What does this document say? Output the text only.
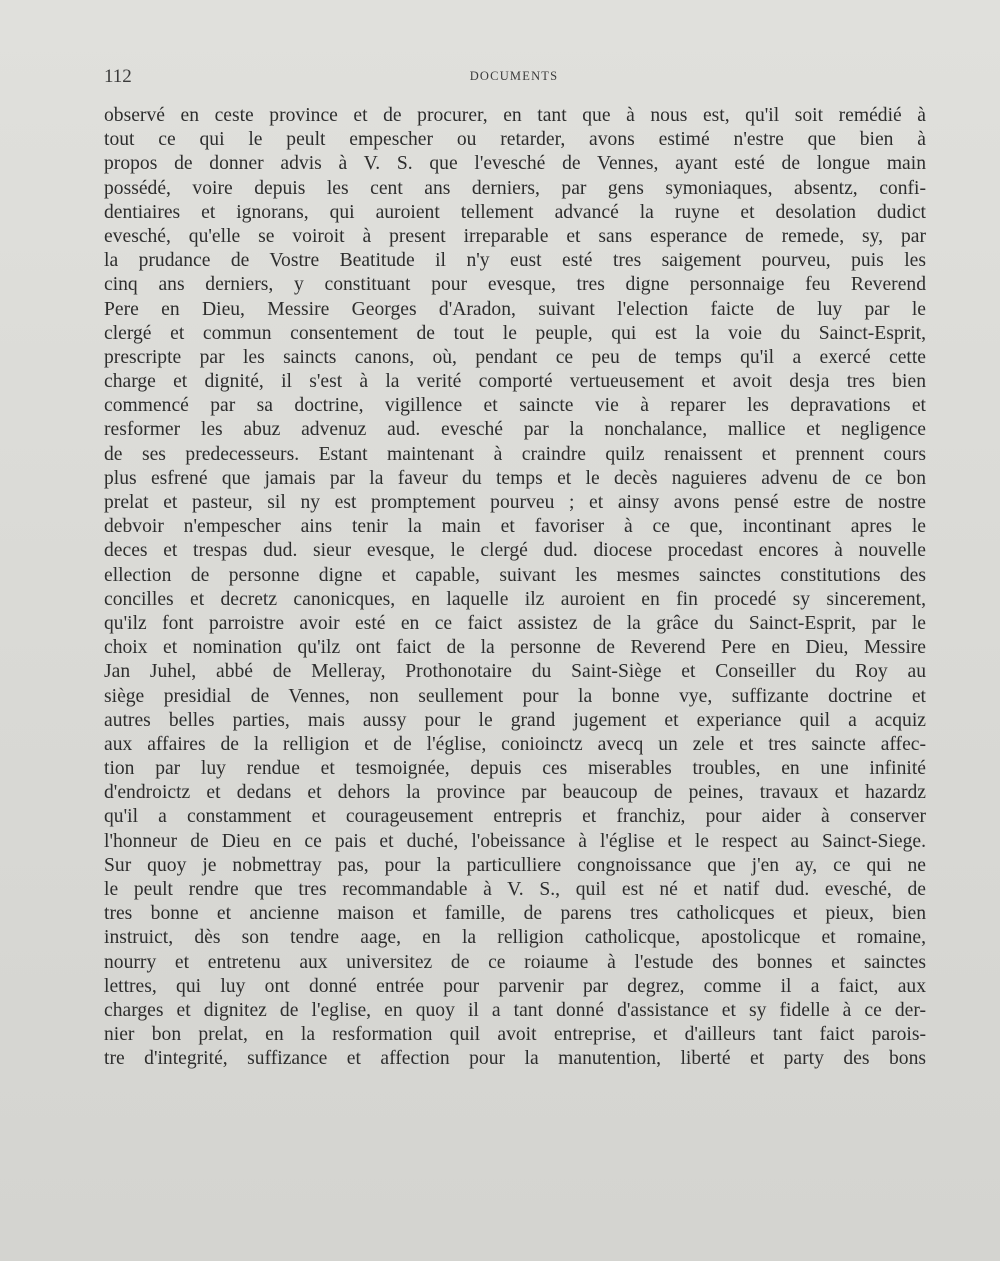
112	DOCUMENTS
observé en ceste province et de procurer, en tant que à nous est, qu'il soit remédié à
tout ce qui le peult empescher ou retarder, avons estimé n'estre que bien à
propos de donner advis à V. S. que l'evesché de Vennes, ayant esté de longue main
possédé, voire depuis les cent ans derniers, par gens symoniaques, absentz, confi-
dentiaires et ignorans, qui auroient tellement advancé la ruyne et desolation dudict
evesché, qu'elle se voiroit à present irreparable et sans esperance de remede, sy, par
la prudance de Vostre Beatitude il n'y eust esté tres saigement pourveu, puis les
cinq ans derniers, y constituant pour evesque, tres digne personnaige feu Reverend
Pere en Dieu, Messire Georges d'Aradon, suivant l'election faicte de luy par le
clergé et commun consentement de tout le peuple, qui est la voie du Sainct-Esprit,
prescripte par les saincts canons, où, pendant ce peu de temps qu'il a exercé cette
charge et dignité, il s'est à la verité comporté vertueusement et avoit desja tres bien
commencé par sa doctrine, vigillence et saincte vie à reparer les depravations et
resformer les abuz advenuz aud. evesché par la nonchalance, mallice et negligence
de ses predecesseurs. Estant maintenant à craindre quilz renaissent et prennent cours
plus esfrené que jamais par la faveur du temps et le decès naguieres advenu de ce bon
prelat et pasteur, sil ny est promptement pourveu ; et ainsy avons pensé estre de nostre
debvoir n'empescher ains tenir la main et favoriser à ce que, incontinant apres le
deces et trespas dud. sieur evesque, le clergé dud. diocese procedast encores à nouvelle
ellection de personne digne et capable, suivant les mesmes sainctes constitutions des
concilles et decretz canonicques, en laquelle ilz auroient en fin procedé sy sincerement,
qu'ilz font parroistre avoir esté en ce faict assistez de la grâce du Sainct-Esprit, par le
choix et nomination qu'ilz ont faict de la personne de Reverend Pere en Dieu, Messire
Jan Juhel, abbé de Melleray, Prothonotaire du Saint-Siège et Conseiller du Roy au
siège presidial de Vennes, non seullement pour la bonne vye, suffizante doctrine et
autres belles parties, mais aussy pour le grand jugement et experiance quil a acquiz
aux affaires de la relligion et de l'église, conioinctz avecq un zele et tres saincte affec-
tion par luy rendue et tesmoignée, depuis ces miserables troubles, en une infinité
d'endroictz et dedans et dehors la province par beaucoup de peines, travaux et hazardz
qu'il a constamment et courageusement entrepris et franchiz, pour aider à conserver
l'honneur de Dieu en ce pais et duché, l'obeissance à l'église et le respect au Sainct-Siege.
Sur quoy je nobmettray pas, pour la particulliere congnoissance que j'en ay, ce qui ne
le peult rendre que tres recommandable à V. S., quil est né et natif dud. evesché, de
tres bonne et ancienne maison et famille, de parens tres catholicques et pieux, bien
instruict, dès son tendre aage, en la relligion catholicque, apostolicque et romaine,
nourry et entretenu aux universitez de ce roiaume à l'estude des bonnes et sainctes
lettres, qui luy ont donné entrée pour parvenir par degrez, comme il a faict, aux
charges et dignitez de l'eglise, en quoy il a tant donné d'assistance et sy fidelle à ce der-
nier bon prelat, en la resformation quil avoit entreprise, et d'ailleurs tant faict parois-
tre d'integrité, suffizance et affection pour la manutention, liberté et party des bons
